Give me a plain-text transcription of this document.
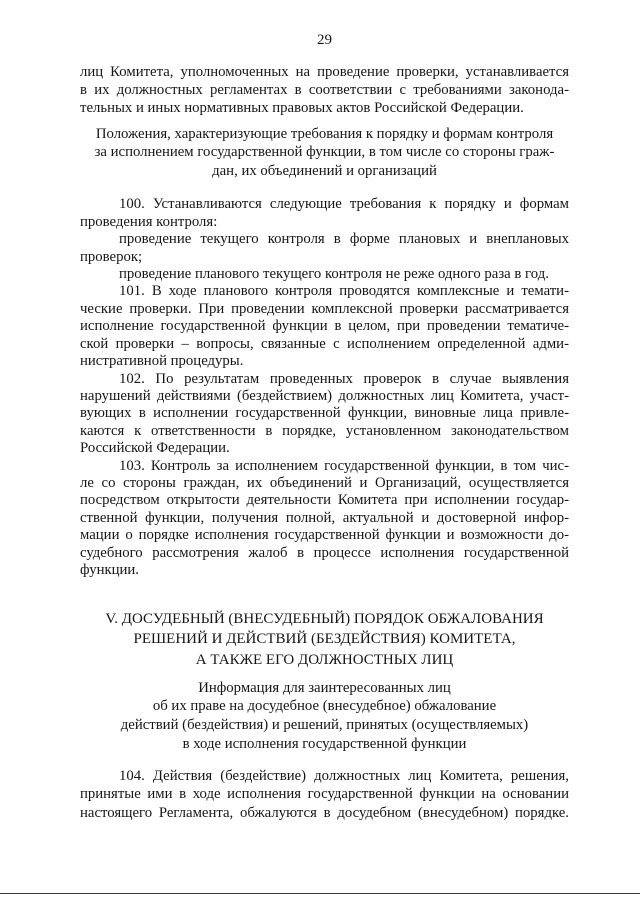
29
лиц Комитета, уполномоченных на проведение проверки, устанавливается
в их должностных регламентах в соответствии с требованиями законода-
тельных и иных нормативных правовых актов Российской Федерации.
Положения, характеризующие требования к порядку и формам контроля
за исполнением государственной функции, в том числе со стороны граж-
дан, их объединений и организаций
100. Устанавливаются следующие требования к порядку и формам
проведения контроля:
проведение текущего контроля в форме плановых и внеплановых
проверок;
проведение планового текущего контроля не реже одного раза в год.
101. В ходе планового контроля проводятся комплексные и темати-
ческие проверки. При проведении комплексной проверки рассматривается
исполнение государственной функции в целом, при проведении тематиче-
ской проверки – вопросы, связанные с исполнением определенной адми-
нистративной процедуры.
102. По результатам проведенных проверок в случае выявления
нарушений действиями (бездействием) должностных лиц Комитета, участ-
вующих в исполнении государственной функции, виновные лица привле-
каются к ответственности в порядке, установленном законодательством
Российской Федерации.
103. Контроль за исполнением государственной функции, в том чис-
ле со стороны граждан, их объединений и Организаций, осуществляется
посредством открытости деятельности Комитета при исполнении государ-
ственной функции, получения полной, актуальной и достоверной инфор-
мации о порядке исполнения государственной функции и возможности до-
судебного рассмотрения жалоб в процессе исполнения государственной
функции.
V. ДОСУДЕБНЫЙ (ВНЕСУДЕБНЫЙ) ПОРЯДОК ОБЖАЛОВАНИЯ
РЕШЕНИЙ И ДЕЙСТВИЙ (БЕЗДЕЙСТВИЯ) КОМИТЕТА,
А ТАКЖЕ ЕГО ДОЛЖНОСТНЫХ ЛИЦ
Информация для заинтересованных лиц
об их праве на досудебное (внесудебное) обжалование
действий (бездействия) и решений, принятых (осуществляемых)
в ходе исполнения государственной функции
104. Действия (бездействие) должностных лиц Комитета, решения,
принятые ими в ходе исполнения государственной функции на основании
настоящего Регламента, обжалуются в досудебном (внесудебном) порядке.
